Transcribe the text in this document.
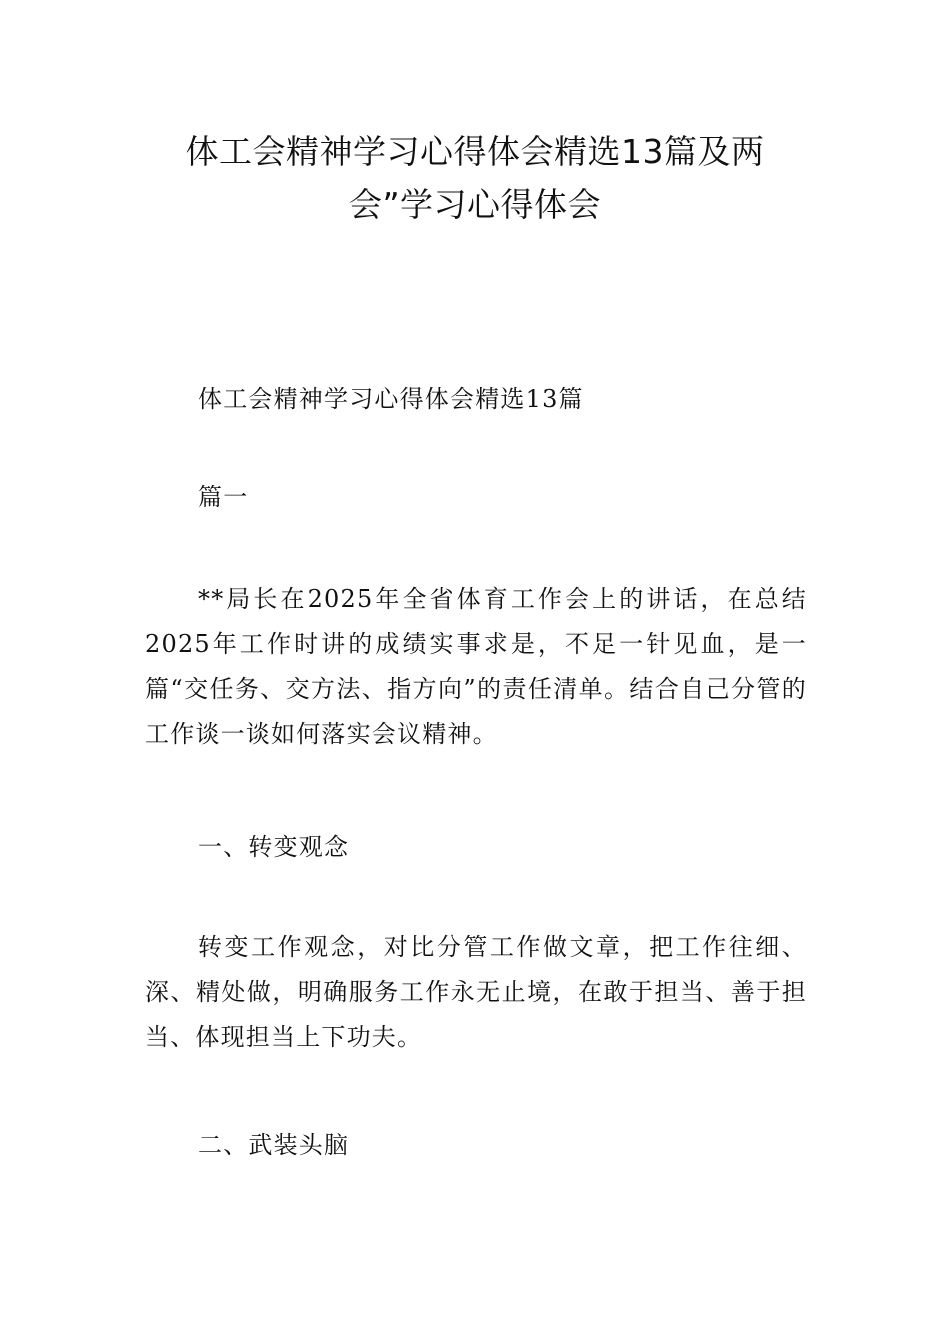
体工会精神学习心得体会精选13篇及两
会”学习心得体会
体工会精神学习心得体会精选13篇
篇一
**局长在2025年全省体育工作会上的讲话，在总结2025年工作时讲的成绩实事求是，不足一针见血，是一篇“交任务、交方法、指方向”的责任清单。结合自己分管的工作谈一谈如何落实会议精神。
一、转变观念
转变工作观念，对比分管工作做文章，把工作往细、深、精处做，明确服务工作永无止境，在敢于担当、善于担当、体现担当上下功夫。
二、武装头脑
